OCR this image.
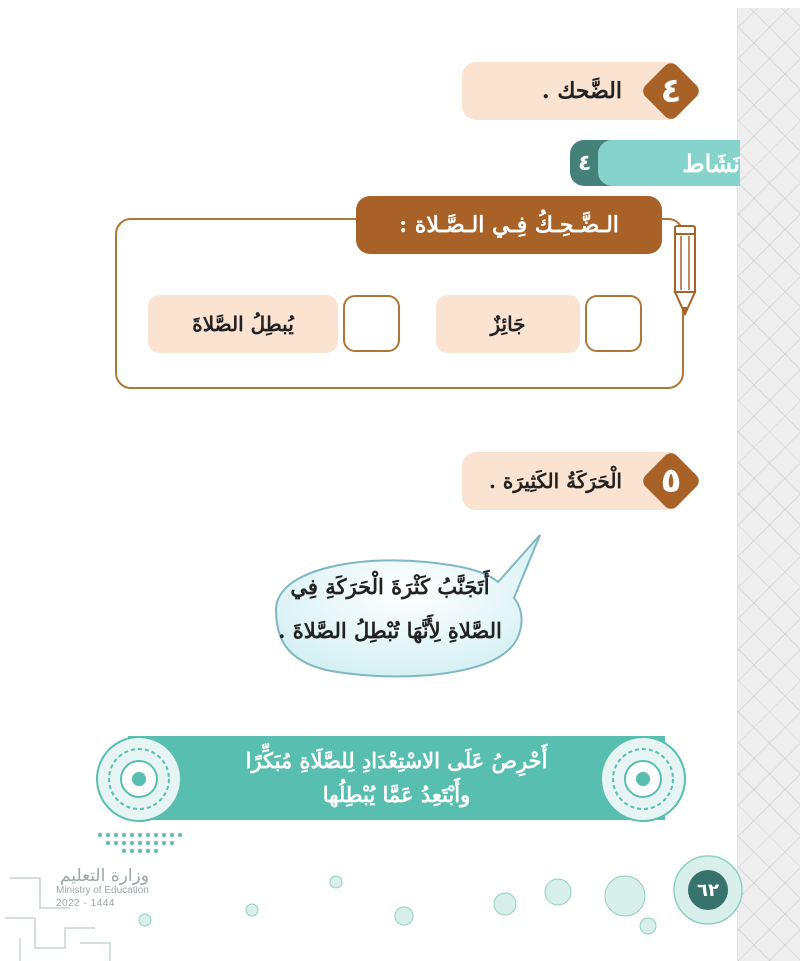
الضَّحك . ٤
٤	نَشَاط
الـضَّـحِـكُ فِـي الـصَّـلاة :
جَائِزٌ
يُبطِلُ الصَّلاةَ
الْحَرَكَةُ الكَثِيرَة . ٥
أَتَجَنَّبُ كَثْرَةَ الْحَرَكَةِ فِي
الصَّلاةِ لِأَنَّهَا تُبْطِلُ الصَّلاةَ .
أَحْرِصُ عَلَى الاسْتِعْدَادِ لِلصَّلَاةِ مُبَكِّرًا
وأَبْتَعِدُ عَمَّا يُبْطِلُها
وزارة التعليم
Ministry of Education
2022 - 1444
٦٢
